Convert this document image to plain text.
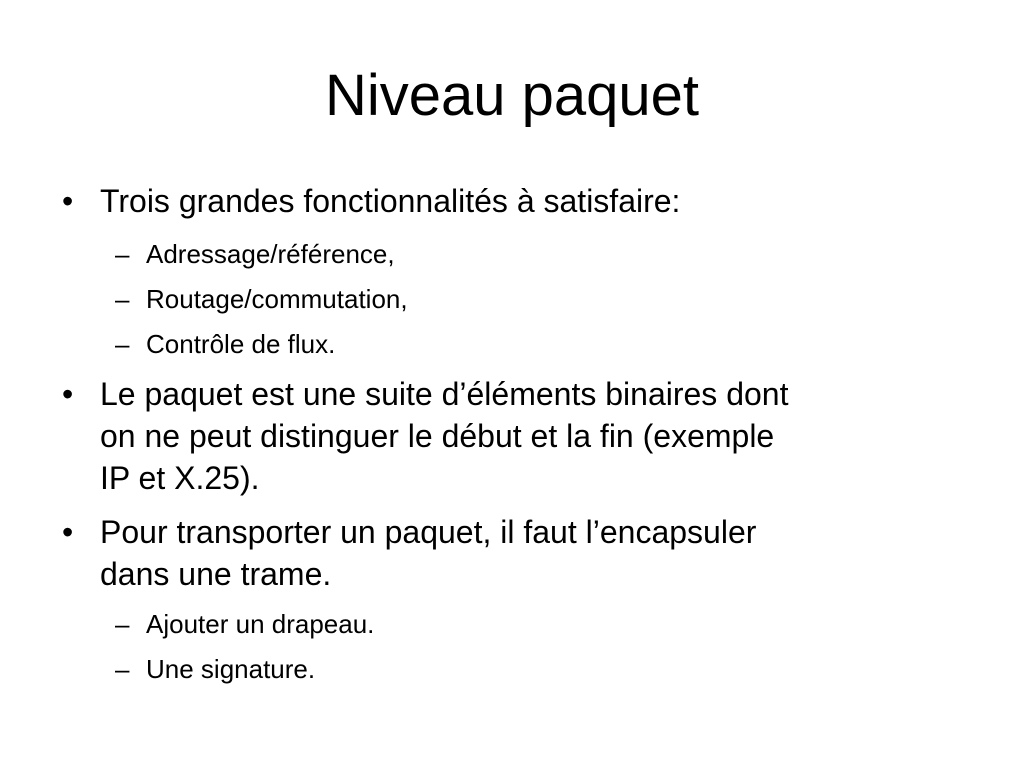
Niveau paquet
• Trois grandes fonctionnalités à satisfaire:
– Adressage/référence,
– Routage/commutation,
– Contrôle de flux.
• Le paquet est une suite d’éléments binaires dont
on ne peut distinguer le début et la fin (exemple
IP et X.25).
• Pour transporter un paquet, il faut l’encapsuler
dans une trame.
– Ajouter un drapeau.
– Une signature.
